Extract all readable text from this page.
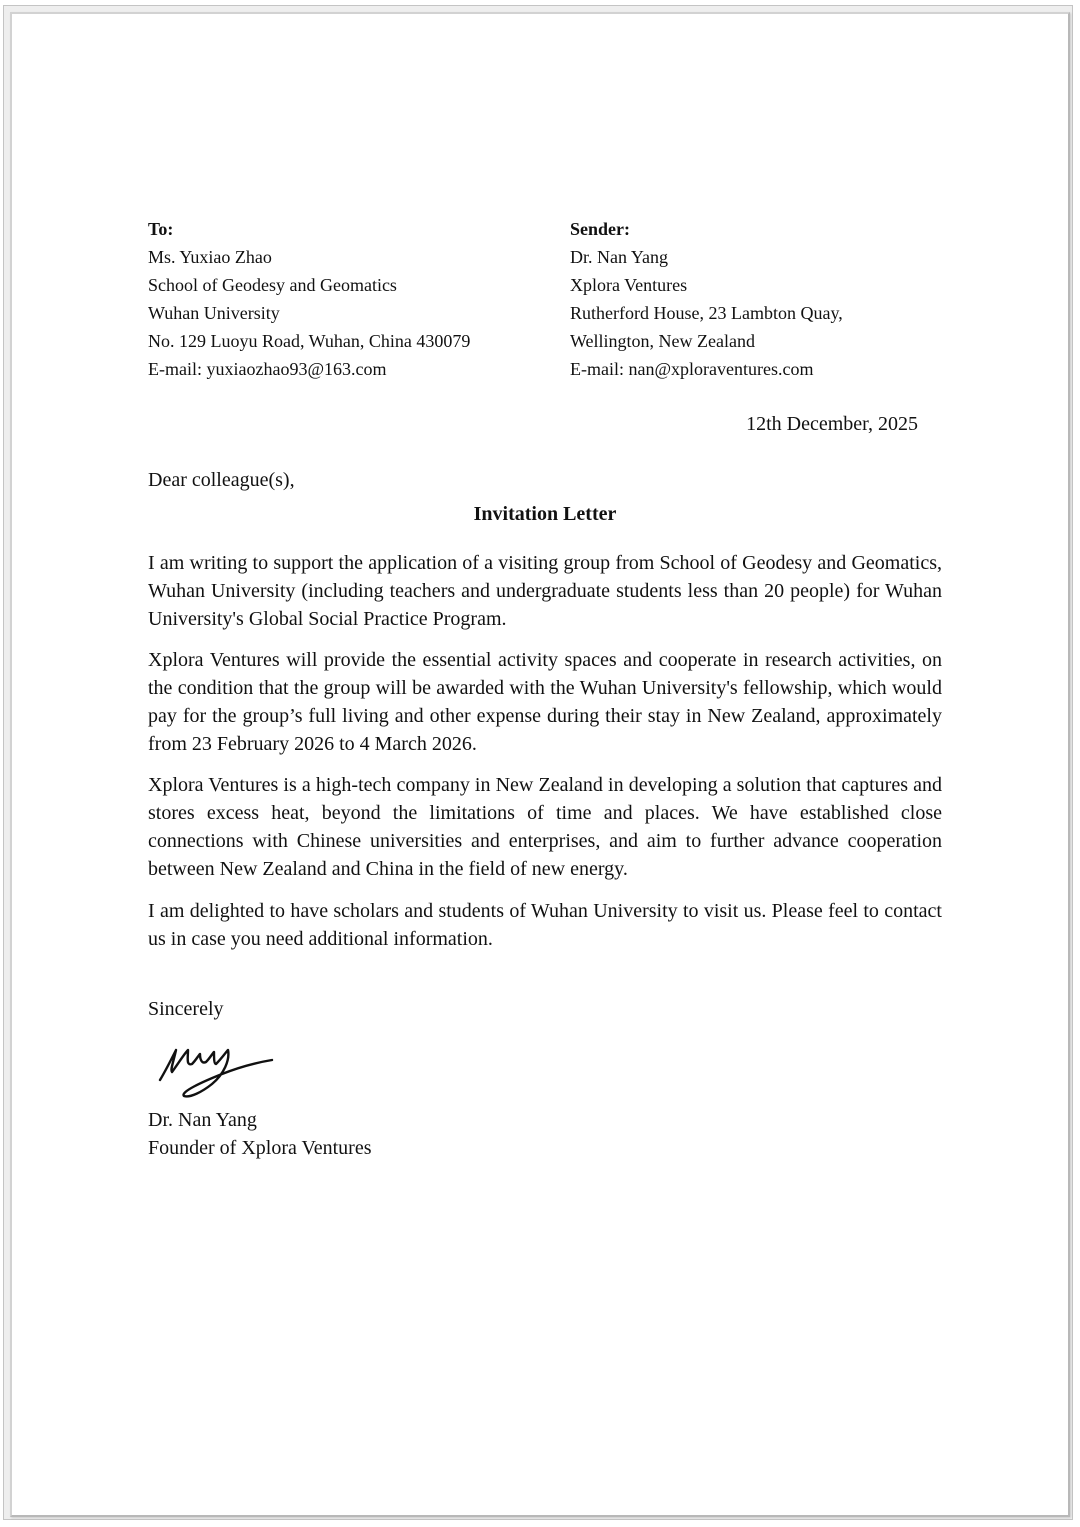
To:
Ms. Yuxiao Zhao
School of Geodesy and Geomatics
Wuhan University
No. 129 Luoyu Road, Wuhan, China 430079
E-mail: yuxiaozhao93@163.com
Sender:
Dr. Nan Yang
Xplora Ventures
Rutherford House, 23 Lambton Quay,
Wellington, New Zealand
E-mail: nan@xploraventures.com
12th December, 2025
Dear colleague(s),
Invitation Letter

I am writing to support the application of a visiting group from School of Geodesy and Geomatics, Wuhan University (including teachers and undergraduate students less than 20 people) for Wuhan University's Global Social Practice Program.

Xplora Ventures will provide the essential activity spaces and cooperate in research activities, on the condition that the group will be awarded with the Wuhan University's fellowship, which would pay for the group’s full living and other expense during their stay in New Zealand, approximately from 23 February 2026 to 4 March 2026.

Xplora Ventures is a high-tech company in New Zealand in developing a solution that captures and stores excess heat, beyond the limitations of time and places. We have established close connections with Chinese universities and enterprises, and aim to further advance cooperation between New Zealand and China in the field of new energy.

I am delighted to have scholars and students of Wuhan University to visit us. Please feel to contact us in case you need additional information.

Sincerely
Dr. Nan Yang
Founder of Xplora Ventures
